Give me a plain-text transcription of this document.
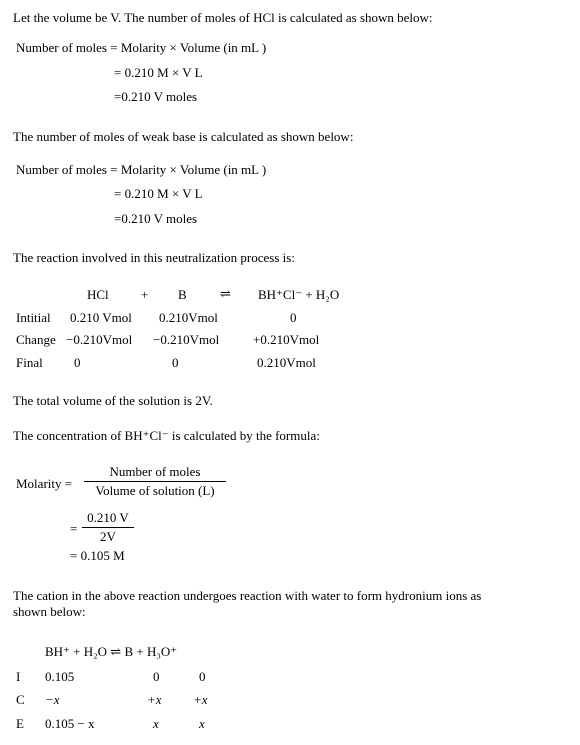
Let the volume be V. The number of moles of HCl is calculated as shown below:
Number of moles = Molarity × Volume (in mL )
= 0.210 M × V L
=0.210 V moles
The number of moles of weak base is calculated as shown below:
Number of moles = Molarity × Volume (in mL )
= 0.210 M × V L
=0.210 V moles
The reaction involved in this neutralization process is:
HCl + B	⇌ BH⁺Cl⁻ + H₂O
Intitial 0.210 Vmol 0.210Vmol	0
Change −0.210Vmol −0.210Vmol	+0.210Vmol
Final 0	0	0.210Vmol
The total volume of the solution is 2V.
The concentration of BH⁺Cl⁻ is calculated by the formula:
Molarity =
Number of moles
Volume of solution (L)
= $\frac{0.210 V}{2V}$
= 0.105 M
The cation in the above reaction undergoes reaction with water to form hydronium ions as
shown below:
BH⁺ + H₂O ⇌ B + H₃O⁺
I 0.105	0	0
C −x	+x +x
E 0.105 − x	x	x
